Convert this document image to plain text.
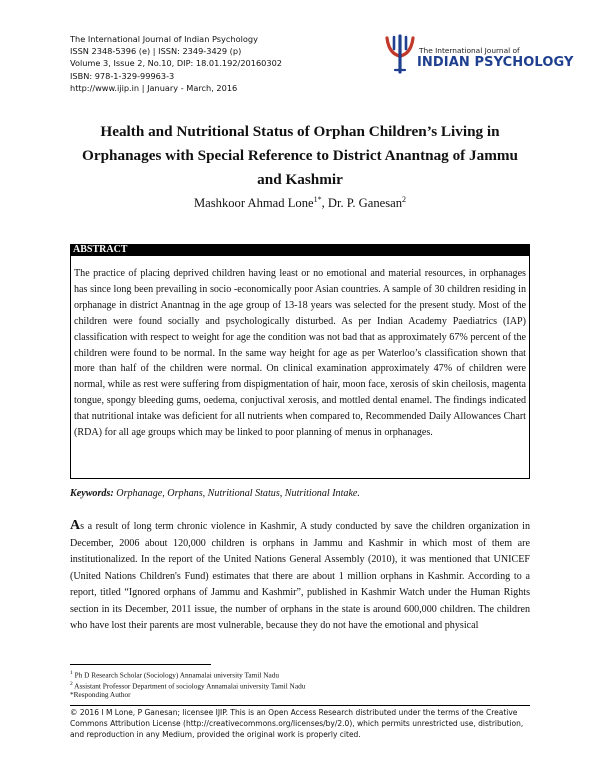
The International Journal of Indian Psychology
ISSN 2348-5396 (e) | ISSN: 2349-3429 (p)
Volume 3, Issue 2, No.10, DIP: 18.01.192/20160302
ISBN: 978-1-329-99963-3
http://www.ijip.in | January - March, 2016
The International Journal of
INDIAN PSYCHOLOGY
Health and Nutritional Status of Orphan Children’s Living in Orphanages with Special Reference to District Anantnag of Jammu and Kashmir
Mashkoor Ahmad Lone$^{1*}$, Dr. P. Ganesan$^2$
ABSTRACT
The practice of placing deprived children having least or no emotional and material resources, in orphanages has since long been prevailing in socio -economically poor Asian countries. A sample of 30 children residing in orphanage in district Anantnag in the age group of 13-18 years was selected for the present study. Most of the children were found socially and psychologically disturbed. As per Indian Academy Paediatrics (IAP) classification with respect to weight for age the condition was not bad that as approximately 67% percent of the children were found to be normal. In the same way height for age as per Waterloo’s classification shown that more than half of the children were normal. On clinical examination approximately 47% of children were normal, while as rest were suffering from dispigmentation of hair, moon face, xerosis of skin cheilosis, magenta tongue, spongy bleeding gums, oedema, conjuctival xerosis, and mottled dental enamel. The findings indicated that nutritional intake was deficient for all nutrients when compared to, Recommended Daily Allowances Chart (RDA) for all age groups which may be linked to poor planning of menus in orphanages.
Keywords: Orphanage, Orphans, Nutritional Status, Nutritional Intake.
As a result of long term chronic violence in Kashmir, A study conducted by save the children organization in December, 2006 about 120,000 children is orphans in Jammu and Kashmir in which most of them are institutionalized. In the report of the United Nations General Assembly (2010), it was mentioned that UNICEF (United Nations Children's Fund) estimates that there are about 1 million orphans in Kashmir. According to a report, titled “Ignored orphans of Jammu and Kashmir”, published in Kashmir Watch under the Human Rights section in its December, 2011 issue, the number of orphans in the state is around 600,000 children. The children who have lost their parents are most vulnerable, because they do not have the emotional and physical
$^1$ Ph D Research Scholar (Sociology) Annamalai university Tamil Nadu
$^2$ Assistant Professor Department of sociology Annamalai university Tamil Nadu
*Responding Author
© 2016 I M Lone, P Ganesan; licensee IJIP. This is an Open Access Research distributed under the terms of the Creative Commons Attribution License (http://creativecommons.org/licenses/by/2.0), which permits unrestricted use, distribution, and reproduction in any Medium, provided the original work is properly cited.
